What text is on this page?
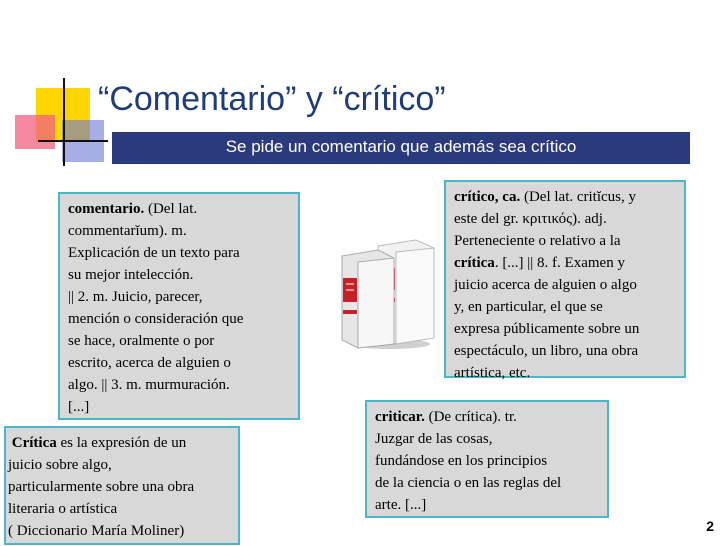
“Comentario” y “crítico”
Se pide un comentario que además sea crítico
comentario. (Del lat.
commentarĭum). m.
Explicación de un texto para
su mejor intelección.
|| 2. m. Juicio, parecer,
mención o consideración que
se hace, oralmente o por
escrito, acerca de alguien o
algo. || 3. m. murmuración.
[...]
crítico, ca. (Del lat. critĭcus, y
este del gr. κριτικός). adj.
Perteneciente o relativo a la
crítica. [...] || 8. f. Examen y
juicio acerca de alguien o algo
y, en particular, el que se
expresa públicamente sobre un
espectáculo, un libro, una obra
artística, etc.
criticar. (De crítica). tr.
Juzgar de las cosas,
fundándose en los principios
de la ciencia o en las reglas del
arte. [...]
Crítica es la expresión de un
juicio sobre algo,
particularmente sobre una obra
literaria o artística
( Diccionario María Moliner)	2
